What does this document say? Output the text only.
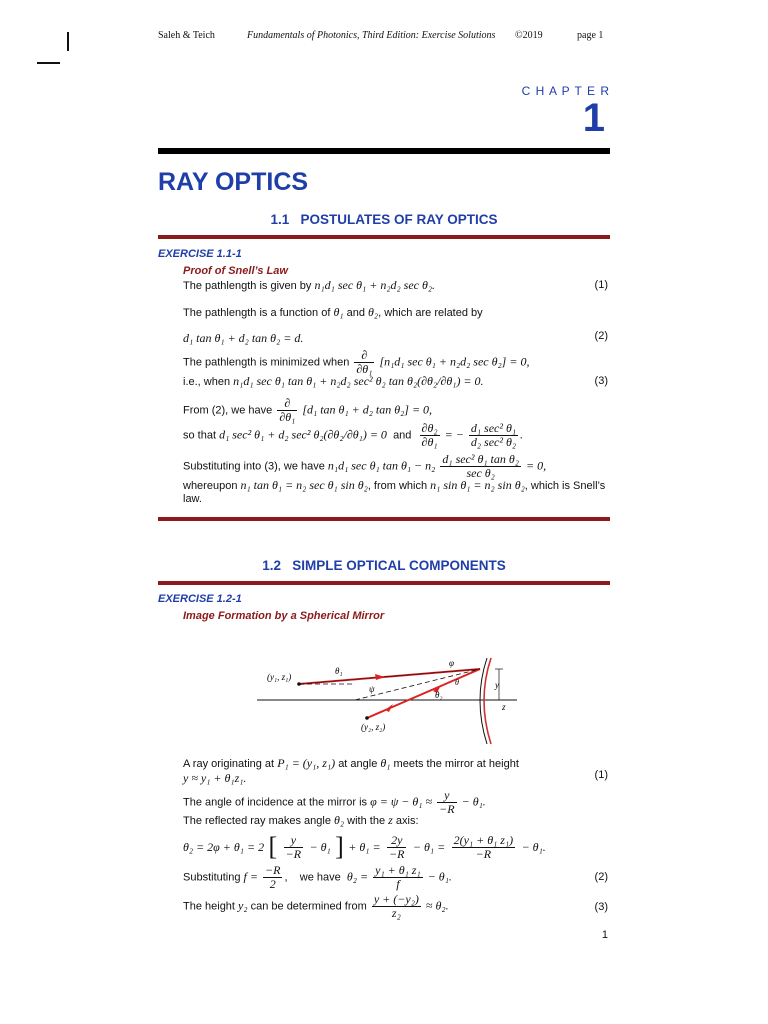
Saleh & Teich	Fundamentals of Photonics, Third Edition: Exercise Solutions ©2019	page 1
C H A P T E R
1
RAY OPTICS
1.1 POSTULATES OF RAY OPTICS
EXERCISE 1.1-1
Proof of Snell’s Law
The pathlength is given by n₁d₁ sec θ₁ + n₂d₂ sec θ₂.	(1)
The pathlength is a function of θ₁ and θ₂, which are related by
d₁ tan θ₁ + d₂ tan θ₂ = d.	(2)
The pathlength is minimized when $\frac{\partial}{\text{∂θ₁}} [n_1d_1$ sec θ₁ + n₂d₂ sec θ₂] = 0,
i.e., when n₁d₁ sec θ₁ tan θ₁ + n₂d₂ sec² θ₂ tan θ₂(∂θ₂/∂θ₁) = 0.	(3)
From (2), we have $\frac{\partial}{\text{∂θ₁}} [d_1$ tan θ₁ + d₂ tan θ₂] = 0,
so that d₁ sec² θ₁ + d₂ sec² θ₂(∂θ₂/∂θ₁) = 0 and $\frac{\text{∂θ₂}}{\text{∂θ₁}}$ = − $\frac{\text{d₁ sec² θ₁}}{\text{d₂ sec² θ₂}}$ .
Substituting into (3), we have n₁d₁ sec θ₁ $\tan \theta_1 - n_2 \frac{\text{d₁ sec² θ₁ tan θ₂}}{\text{sec θ₂}} = 0$,
whereupon n₁ tan θ₁ = n₂ sec θ₁ sin θ₂, from which n₁ sin θ₁ = n₂ sin θ₂, which is Snell’s
law.
1.2 SIMPLE OPTICAL COMPONENTS
EXERCISE 1.2-1
Image Formation by a Spherical Mirror
(y₁, z₁)
(y₂, z₂)
θ₁
θ₂
ψ
φ
θ	y
z
A ray originating at P₁ = (y₁, z₁) at angle θ₁ meets the mirror at height
y ≈ y₁ + θ₁z₁.	(1)
The angle of incidence at the mirror is $\varphi = \psi - \theta_1 \approx \frac{y}{-R} - \theta_1$.
The reflected ray makes angle θ₂ with the z axis:
θ₂ = 2φ + θ₁ = 2 [ $\frac{y}{-R} - \theta_1$ ] + $\theta_1 = \frac{2y}{-R} - \theta_1 = \frac{\text{2(y₁ + θ₁ z₁)}}{-R} - \theta_1$.
Substituting $f = \frac{-R}{2}$ , we have $\theta_2 = \frac{\text{y₁ + θ₁ z₁}}{f} - \theta_1$.	(2)
The height y₂ can be determined from $\frac{\text{y + (−y₂)}}{\text{z₂}} \approx \theta_2$.	(3)
1
